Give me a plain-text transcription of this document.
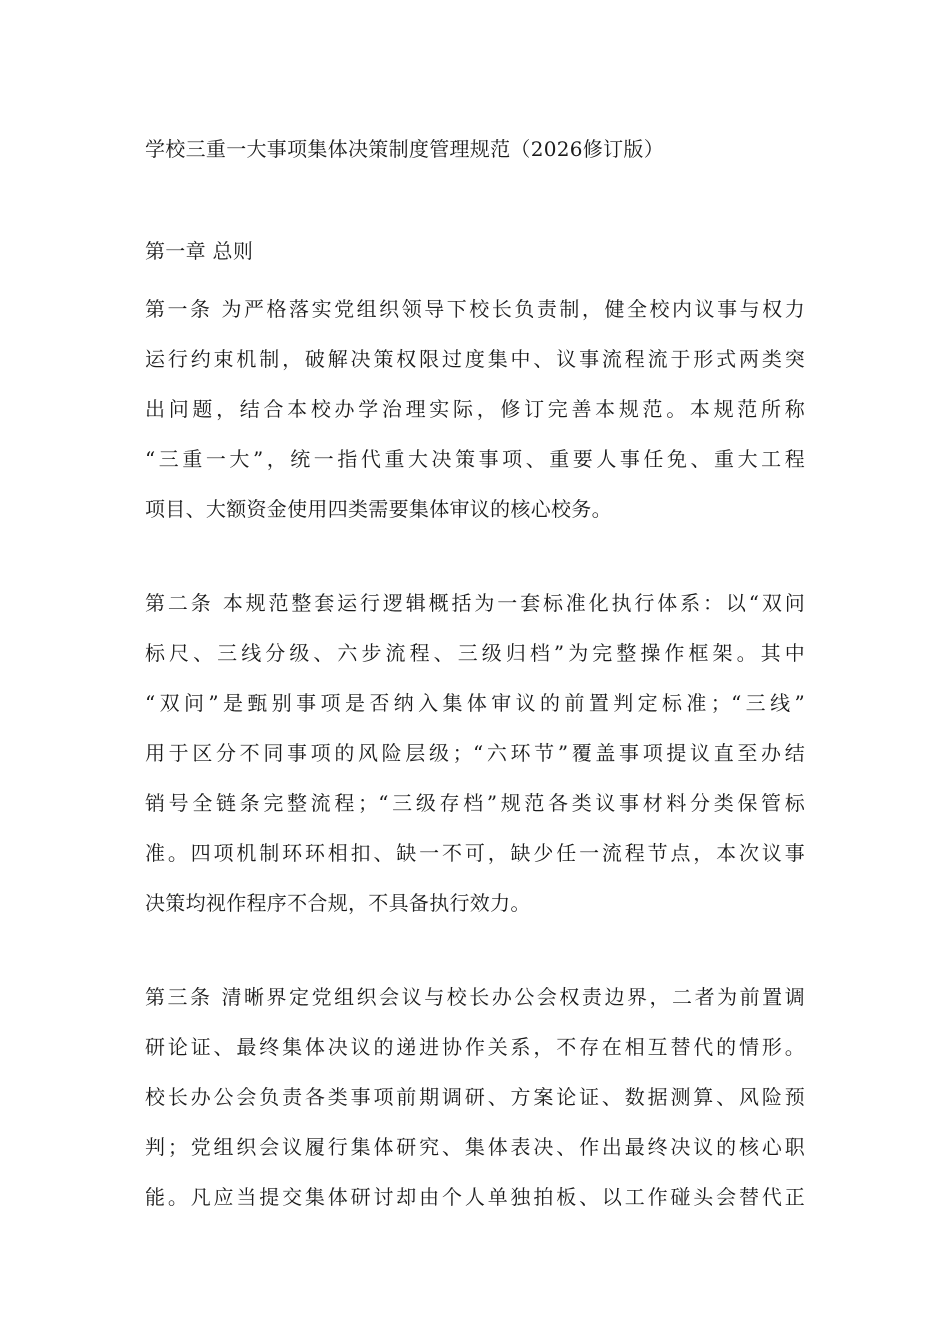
学校三重一大事项集体决策制度管理规范（2026修订版）
第一章 总则
第一条 为严格落实党组织领导下校长负责制，健全校内议事与权力
运行约束机制，破解决策权限过度集中、议事流程流于形式两类突
出问题，结合本校办学治理实际，修订完善本规范。本规范所称
“三重一大”，统一指代重大决策事项、重要人事任免、重大工程
项目、大额资金使用四类需要集体审议的核心校务。
第二条 本规范整套运行逻辑概括为一套标准化执行体系：以“双问
标尺、三线分级、六步流程、三级归档”为完整操作框架。其中
“双问”是甄别事项是否纳入集体审议的前置判定标准；“三线”
用于区分不同事项的风险层级；“六环节”覆盖事项提议直至办结
销号全链条完整流程；“三级存档”规范各类议事材料分类保管标
准。四项机制环环相扣、缺一不可，缺少任一流程节点，本次议事
决策均视作程序不合规，不具备执行效力。
第三条 清晰界定党组织会议与校长办公会权责边界，二者为前置调
研论证、最终集体决议的递进协作关系，不存在相互替代的情形。
校长办公会负责各类事项前期调研、方案论证、数据测算、风险预
判；党组织会议履行集体研究、集体表决、作出最终决议的核心职
能。凡应当提交集体研讨却由个人单独拍板、以工作碰头会替代正
